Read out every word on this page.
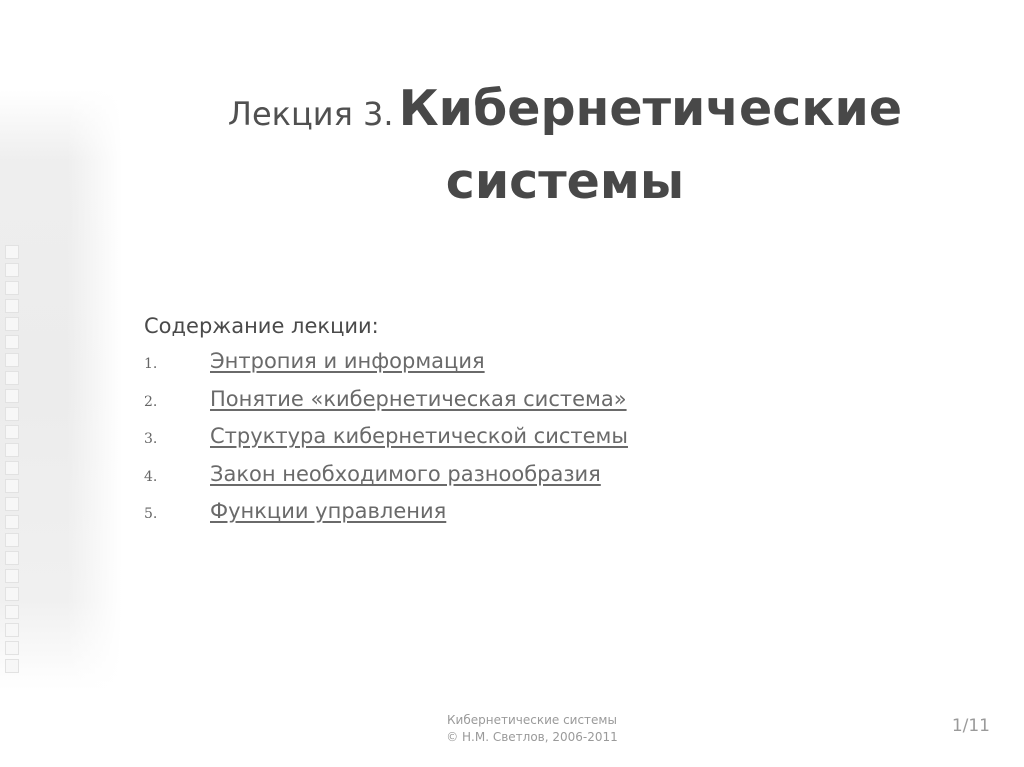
Лекция 3. Кибернетические
системы
Содержание лекции:
1.	Энтропия и информация
2.	Понятие «кибернетическая система»
3.	Структура кибернетической системы
4.	Закон необходимого разнообразия
5.	Функции управления
Кибернетические системы
© Н.М. Светлов, 2006-2011
1/11
